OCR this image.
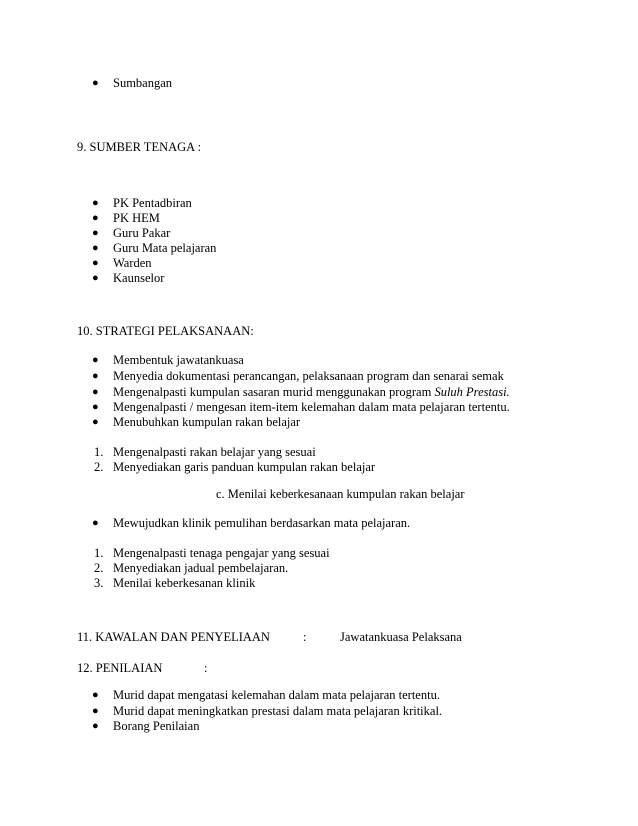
● Sumbangan
9. SUMBER TENAGA :
● PK Pentadbiran
● PK HEM
● Guru Pakar
● Guru Mata pelajaran
● Warden
● Kaunselor
10. STRATEGI PELAKSANAAN:
● Membentuk jawatankuasa
● Menyedia dokumentasi perancangan, pelaksanaan program dan senarai semak
● Mengenalpasti kumpulan sasaran murid menggunakan program Suluh Prestasi.
● Mengenalpasti / mengesan item-item kelemahan dalam mata pelajaran tertentu.
● Menubuhkan kumpulan rakan belajar
1. Mengenalpasti rakan belajar yang sesuai
2. Menyediakan garis panduan kumpulan rakan belajar
c. Menilai keberkesanaan kumpulan rakan belajar
● Mewujudkan klinik pemulihan berdasarkan mata pelajaran.
1. Mengenalpasti tenaga pengajar yang sesuai
2. Menyediakan jadual pembelajaran.
3. Menilai keberkesanan klinik
11. KAWALAN DAN PENYELIAAN	:	Jawatankuasa Pelaksana
12. PENILAIAN	:
● Murid dapat mengatasi kelemahan dalam mata pelajaran tertentu.
● Murid dapat meningkatkan prestasi dalam mata pelajaran kritikal.
● Borang Penilaian
